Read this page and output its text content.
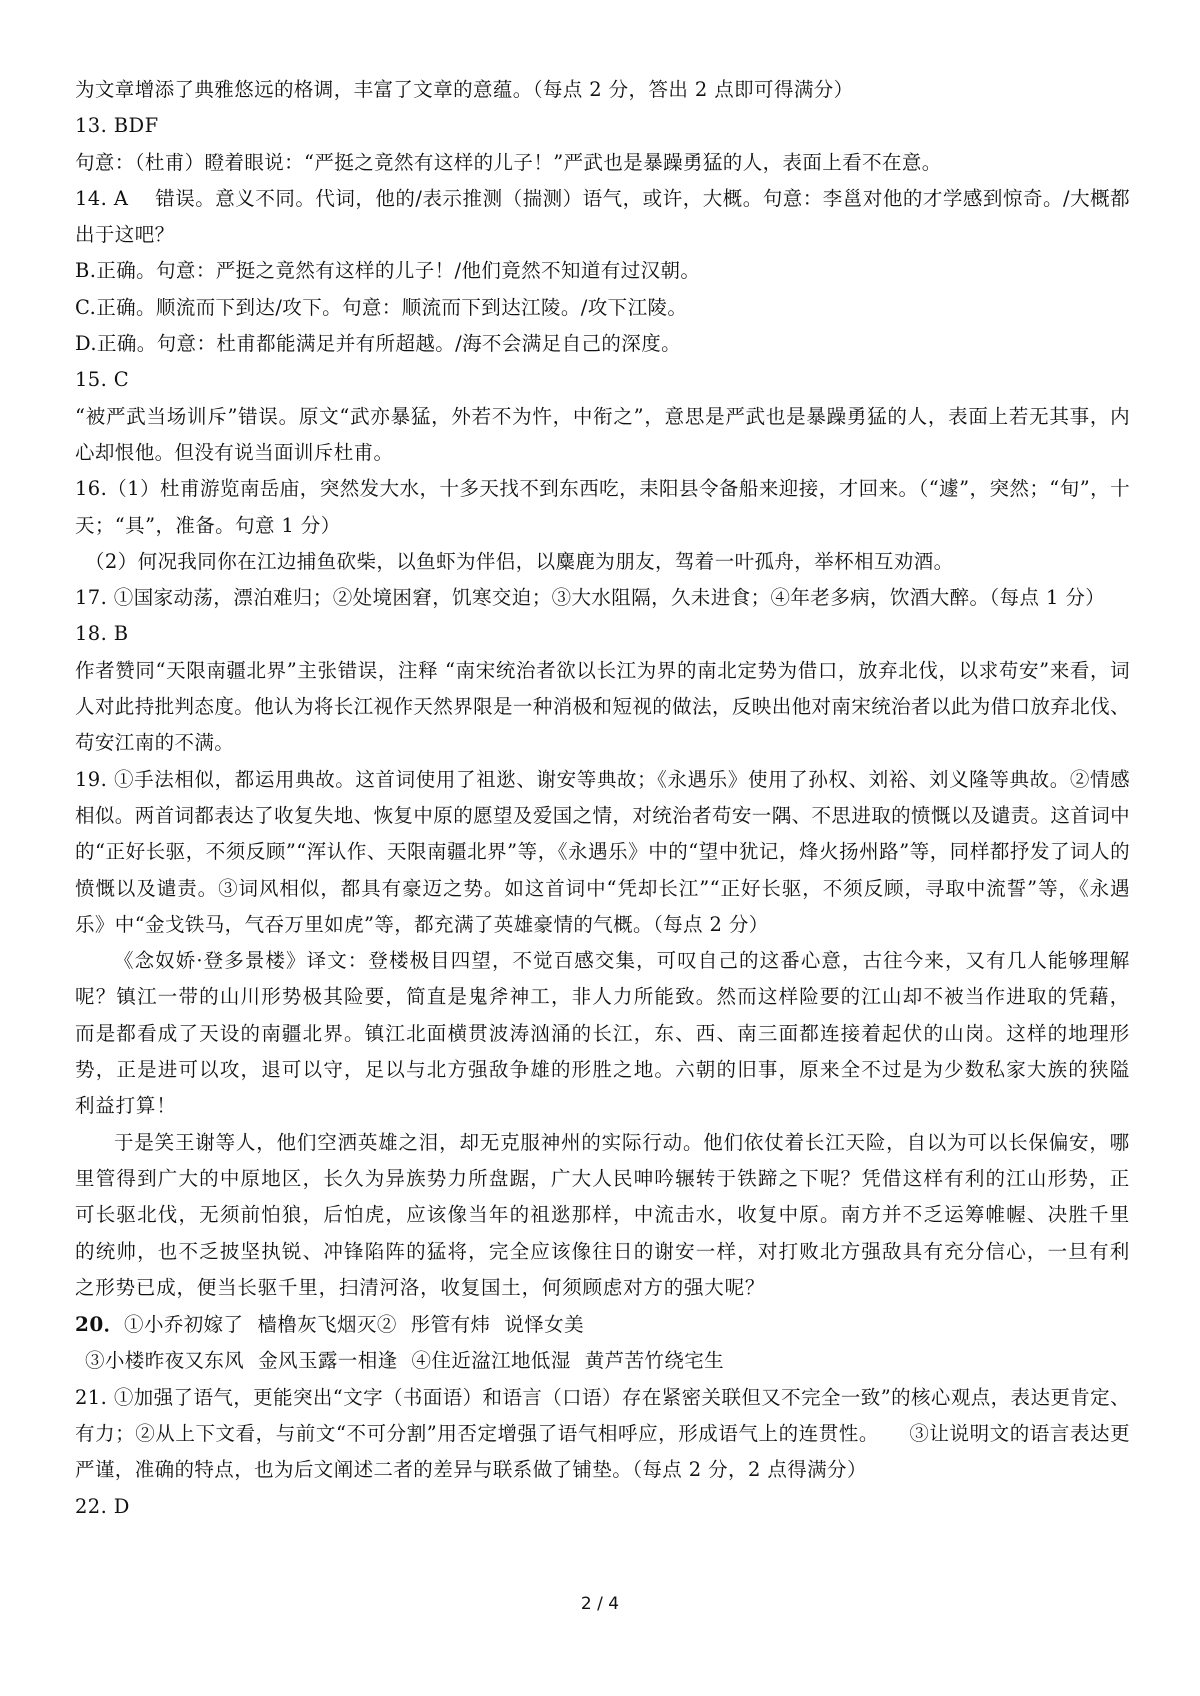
为文章增添了典雅悠远的格调，丰富了文章的意蕴。（每点 2 分，答出 2 点即可得满分）

13. BDF

句意：（杜甫）瞪着眼说：“严挺之竟然有这样的儿子！”严武也是暴躁勇猛的人，表面上看不在意。

14. A　 错误。意义不同。代词，他的/表示推测（揣测）语气，或许，大概。句意：李邕对他的才学感到惊奇。/大概都出于这吧？

B.正确。句意：严挺之竟然有这样的儿子！/他们竟然不知道有过汉朝。

C.正确。顺流而下到达/攻下。句意：顺流而下到达江陵。/攻下江陵。

D.正确。句意：杜甫都能满足并有所超越。/海不会满足自己的深度。

15. C

“被严武当场训斥”错误。原文“武亦暴猛，外若不为忤，中衔之”，意思是严武也是暴躁勇猛的人，表面上若无其事，内心却恨他。但没有说当面训斥杜甫。

16.（1）杜甫游览南岳庙，突然发大水，十多天找不到东西吃，耒阳县令备船来迎接，才回来。（“遽”，突然；“旬”，十天；“具”，准备。句意 1 分）

（2）何况我同你在江边捕鱼砍柴，以鱼虾为伴侣，以麋鹿为朋友，驾着一叶孤舟，举杯相互劝酒。

17. ①国家动荡，漂泊难归；②处境困窘，饥寒交迫；③大水阻隔，久未进食；④年老多病，饮酒大醉。（每点 1 分）

18. B

作者赞同“天限南疆北界”主张错误，注释 “南宋统治者欲以长江为界的南北定势为借口，放弃北伐，以求苟安”来看，词人对此持批判态度。他认为将长江视作天然界限是一种消极和短视的做法，反映出他对南宋统治者以此为借口放弃北伐、苟安江南的不满。

19. ①手法相似，都运用典故。这首词使用了祖逖、谢安等典故；《永遇乐》使用了孙权、刘裕、刘义隆等典故。②情感相似。两首词都表达了收复失地、恢复中原的愿望及爱国之情，对统治者苟安一隅、不思进取的愤慨以及谴责。这首词中的“正好长驱，不须反顾”“浑认作、天限南疆北界”等，《永遇乐》中的“望中犹记，烽火扬州路”等，同样都抒发了词人的愤慨以及谴责。③词风相似，都具有豪迈之势。如这首词中“凭却长江”“正好长驱，不须反顾，寻取中流誓”等，《永遇乐》中“金戈铁马，气吞万里如虎”等，都充满了英雄豪情的气概。（每点 2 分）

《念奴娇·登多景楼》译文：登楼极目四望，不觉百感交集，可叹自己的这番心意，古往今来，又有几人能够理解呢？镇江一带的山川形势极其险要，简直是鬼斧神工，非人力所能致。然而这样险要的江山却不被当作进取的凭藉，而是都看成了天设的南疆北界。镇江北面横贯波涛汹涌的长江，东、西、南三面都连接着起伏的山岗。这样的地理形势，正是进可以攻，退可以守，足以与北方强敌争雄的形胜之地。六朝的旧事，原来全不过是为少数私家大族的狭隘利益打算！

于是笑王谢等人，他们空洒英雄之泪，却无克服神州的实际行动。他们依仗着长江天险，自以为可以长保偏安，哪里管得到广大的中原地区，长久为异族势力所盘踞，广大人民呻吟辗转于铁蹄之下呢？凭借这样有利的江山形势，正可长驱北伐，无须前怕狼，后怕虎，应该像当年的祖逖那样，中流击水，收复中原。南方并不乏运筹帷幄、决胜千里的统帅，也不乏披坚执锐、冲锋陷阵的猛将，完全应该像往日的谢安一样，对打败北方强敌具有充分信心，一旦有利之形势已成，便当长驱千里，扫清河洛，收复国土，何须顾虑对方的强大呢？

20．①小乔初嫁了 樯橹灰飞烟灭② 彤管有炜 说怿女美

③小楼昨夜又东风 金风玉露一相逢 ④住近湓江地低湿 黄芦苦竹绕宅生

21. ①加强了语气，更能突出“文字（书面语）和语言（口语）存在紧密关联但又不完全一致”的核心观点，表达更肯定、有力；②从上下文看，与前文“不可分割”用否定增强了语气相呼应，形成语气上的连贯性。　　③让说明文的语言表达更严谨，准确的特点，也为后文阐述二者的差异与联系做了铺垫。（每点 2 分，2 点得满分）

22. D

2 / 4
